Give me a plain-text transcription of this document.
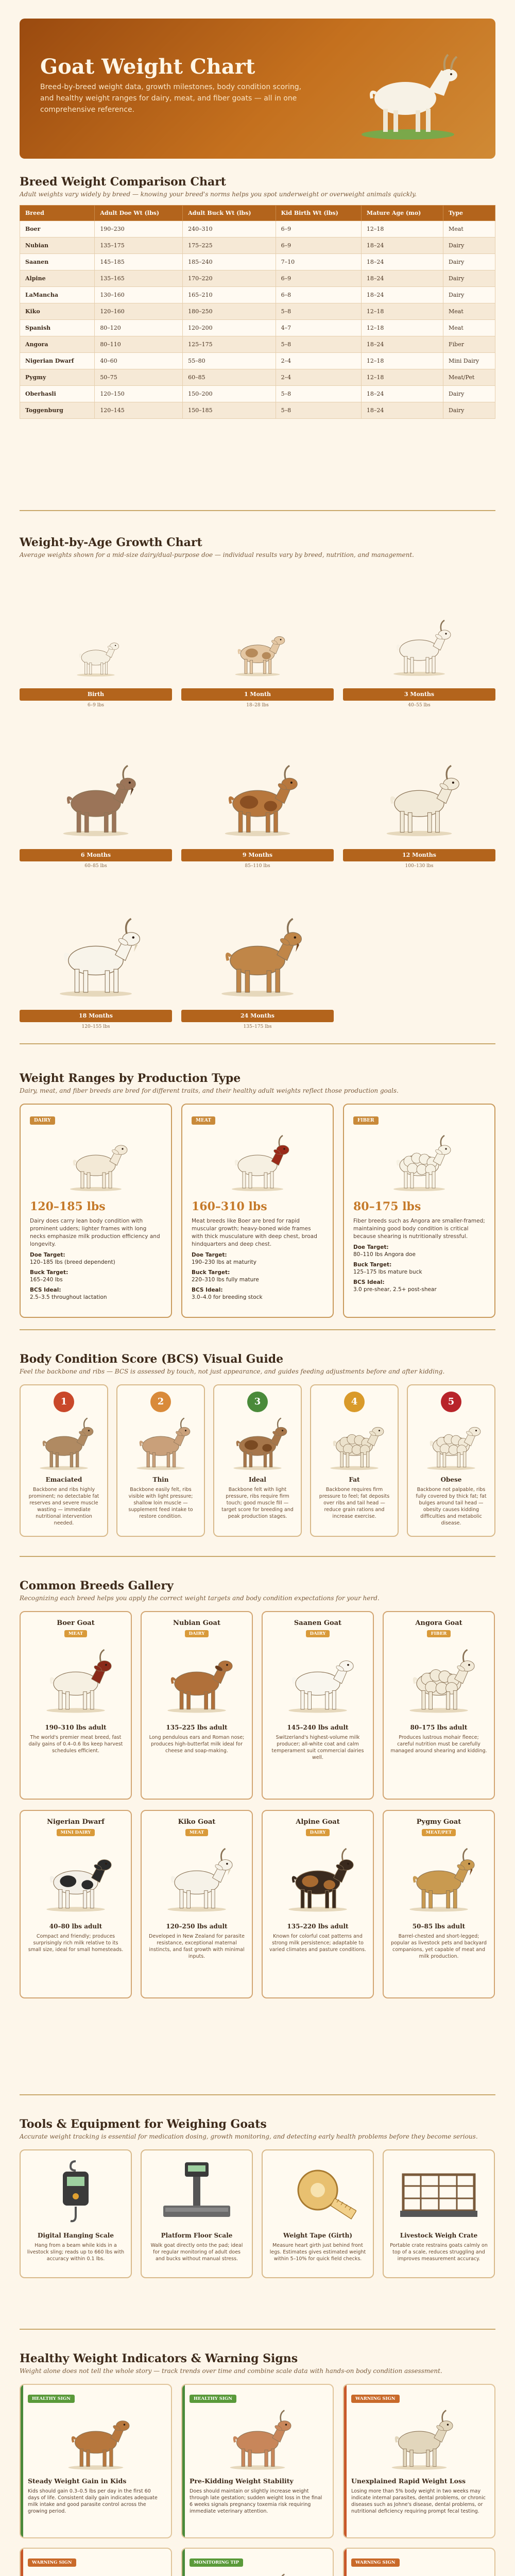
Goat Weight Chart

Breed-by-breed weight data, growth milestones, body condition scoring, and healthy weight ranges for dairy, meat, and fiber goats — all in one comprehensive reference.

Breed Weight Comparison Chart
Adult weights vary widely by breed — knowing your breed's norms helps you spot underweight or overweight animals quickly.
Breed	Adult Doe Wt (lbs)	Adult Buck Wt (lbs)	Kid Birth Wt (lbs)	Mature Age (mo)	Type
Boer	190–230	240–310	6–9	12–18	Meat
Nubian	135–175	175–225	6–9	18–24	Dairy
Saanen	145–185	185–240	7–10	18–24	Dairy
Alpine	135–165	170–220	6–9	18–24	Dairy
LaMancha	130–160	165–210	6–8	18–24	Dairy
Kiko	120–160	180–250	5–8	12–18	Meat
Spanish	80–120	120–200	4–7	12–18	Meat
Angora	80–110	125–175	5–8	18–24	Fiber
Nigerian Dwarf	40–60	55–80	2–4	12–18	Mini Dairy
Pygmy	50–75	60–85	2–4	12–18	Meat/Pet
Oberhasli	120–150	150–200	5–8	18–24	Dairy
Toggenburg	120–145	150–185	5–8	18–24	Dairy
Weight-by-Age Growth Chart
Average weights shown for a mid-size dairy/dual-purpose doe — individual results vary by breed, nutrition, and management.
Birth
6–9 lbs
1 Month
18–28 lbs
3 Months
40–55 lbs
6 Months
60–85 lbs
9 Months
85–110 lbs
12 Months
100–130 lbs
18 Months
120–155 lbs
24 Months
135–175 lbs
Weight Ranges by Production Type
Dairy, meat, and fiber breeds are bred for different traits, and their healthy adult weights reflect those production goals.
DAIRY
120–185 lbs
Dairy does carry lean body condition with prominent udders; lighter frames with long necks emphasize milk production efficiency and longevity.
Doe Target:
120–185 lbs (breed dependent)
Buck Target:
165–240 lbs
BCS Ideal:
2.5–3.5 throughout lactation
MEAT
160–310 lbs
Meat breeds like Boer are bred for rapid muscular growth; heavy-boned wide frames with thick musculature with deep chest, broad hindquarters and deep chest.
Doe Target:
190–230 lbs at maturity
Buck Target:
220–310 lbs fully mature
BCS Ideal:
3.0–4.0 for breeding stock
FIBER
80–175 lbs
Fiber breeds such as Angora are smaller-framed; maintaining good body condition is critical because shearing is nutritionally stressful.
Doe Target:
80–110 lbs Angora doe
Buck Target:
125–175 lbs mature buck
BCS Ideal:
3.0 pre-shear, 2.5+ post-shear
Body Condition Score (BCS) Visual Guide
Feel the backbone and ribs — BCS is assessed by touch, not just appearance, and guides feeding adjustments before and after kidding.
1
Emaciated
Backbone and ribs highly prominent; no detectable fat reserves and severe muscle wasting — immediate nutritional intervention needed.
2
Thin
Backbone easily felt, ribs visible with light pressure; shallow loin muscle — supplement feed intake to restore condition.
3
Ideal
Backbone felt with light pressure, ribs require firm touch; good muscle fill — target score for breeding and peak production stages.
4
Fat
Backbone requires firm pressure to feel; fat deposits over ribs and tail head — reduce grain rations and increase exercise.
5
Obese
Backbone not palpable, ribs fully covered by thick fat; fat bulges around tail head — obesity causes kidding difficulties and metabolic disease.
Common Breeds Gallery
Recognizing each breed helps you apply the correct weight targets and body condition expectations for your herd.
Boer Goat
MEAT
190–310 lbs adult
The world's premier meat breed, fast daily gains of 0.4–0.6 lbs keep harvest schedules efficient.
Nubian Goat
DAIRY
135–225 lbs adult
Long pendulous ears and Roman nose; produces high-butterfat milk ideal for cheese and soap-making.
Saanen Goat
DAIRY
145–240 lbs adult
Switzerland's highest-volume milk producer; all-white coat and calm temperament suit commercial dairies well.
Angora Goat
FIBER
80–175 lbs adult
Produces lustrous mohair fleece; careful nutrition must be carefully managed around shearing and kidding.
Nigerian Dwarf
MINI DAIRY
40–80 lbs adult
Compact and friendly; produces surprisingly rich milk relative to its small size, ideal for small homesteads.
Kiko Goat
MEAT
120–250 lbs adult
Developed in New Zealand for parasite resistance, exceptional maternal instincts, and fast growth with minimal inputs.
Alpine Goat
DAIRY
135–220 lbs adult
Known for colorful coat patterns and strong milk persistence; adaptable to varied climates and pasture conditions.
Pygmy Goat
MEAT/PET
50–85 lbs adult
Barrel-chested and short-legged; popular as livestock pets and backyard companions, yet capable of meat and milk production.
Tools & Equipment for Weighing Goats
Accurate weight tracking is essential for medication dosing, growth monitoring, and detecting early health problems before they become serious.
Digital Hanging Scale
Hang from a beam while kids in a livestock sling; reads up to 660 lbs with accuracy within 0.1 lbs.
Platform Floor Scale
Walk goat directly onto the pad; ideal for regular monitoring of adult does and bucks without manual stress.
Weight Tape (Girth)
Measure heart girth just behind front legs. Estimates gives estimated weight within 5–10% for quick field checks.
Livestock Weigh Crate
Portable crate restrains goats calmly on top of a scale, reduces struggling and improves measurement accuracy.
Healthy Weight Indicators & Warning Signs
Weight alone does not tell the whole story — track trends over time and combine scale data with hands-on body condition assessment.
HEALTHY SIGN
Steady Weight Gain in Kids
Kids should gain 0.3–0.5 lbs per day in the first 60 days of life. Consistent daily gain indicates adequate milk intake and good parasite control across the growing period.
HEALTHY SIGN
Pre-Kidding Weight Stability
Does should maintain or slightly increase weight through late gestation; sudden weight loss in the final 6 weeks signals pregnancy toxemia risk requiring immediate veterinary attention.
WARNING SIGN
Unexplained Rapid Weight Loss
Losing more than 5% body weight in two weeks may indicate internal parasites, dental problems, or chronic diseases such as Johne's disease, dental problems, or nutritional deficiency requiring prompt fecal testing.
WARNING SIGN	MONITORING TIP	WARNING SIGN
